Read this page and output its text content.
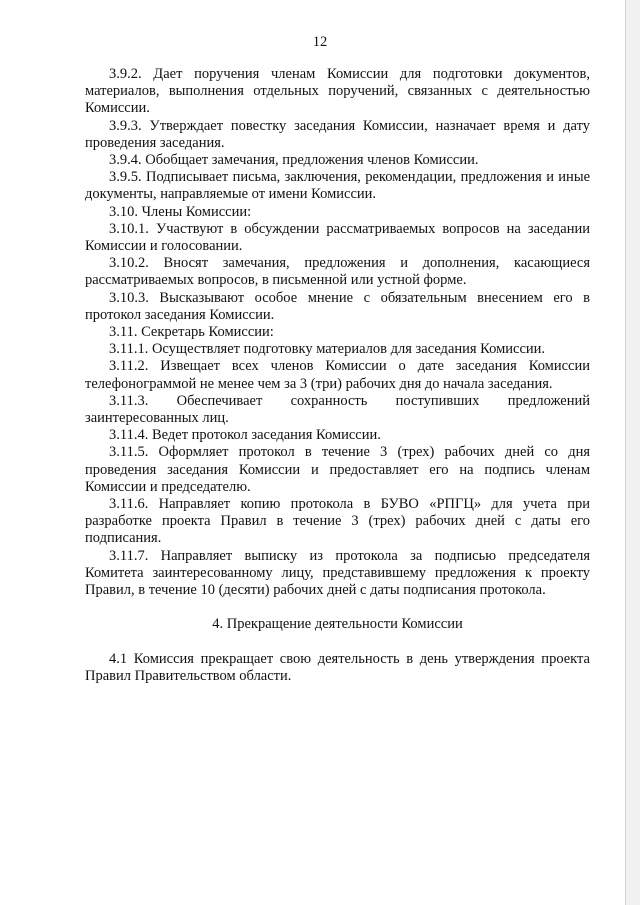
12

3.9.2. Дает поручения членам Комиссии для подготовки документов, материалов, выполнения отдельных поручений, связанных с деятельностью Комиссии.

3.9.3. Утверждает повестку заседания Комиссии, назначает время и дату проведения заседания.

3.9.4. Обобщает замечания, предложения членов Комиссии.

3.9.5. Подписывает письма, заключения, рекомендации, предложения и иные документы, направляемые от имени Комиссии.

3.10. Члены Комиссии:

3.10.1. Участвуют в обсуждении рассматриваемых вопросов на заседании Комиссии и голосовании.

3.10.2. Вносят замечания, предложения и дополнения, касающиеся рассматриваемых вопросов, в письменной или устной форме.

3.10.3. Высказывают особое мнение с обязательным внесением его в протокол заседания Комиссии.

3.11. Секретарь Комиссии:

3.11.1. Осуществляет подготовку материалов для заседания Комиссии.

3.11.2. Извещает всех членов Комиссии о дате заседания Комиссии телефонограммой не менее чем за 3 (три) рабочих дня до начала заседания.

3.11.3. Обеспечивает сохранность поступивших предложений заинтересованных лиц.

3.11.4. Ведет протокол заседания Комиссии.

3.11.5. Оформляет протокол в течение 3 (трех) рабочих дней со дня проведения заседания Комиссии и предоставляет его на подпись членам Комиссии и председателю.

3.11.6. Направляет копию протокола в БУВО «РПГЦ» для учета при разработке проекта Правил в течение 3 (трех) рабочих дней с даты его подписания.

3.11.7. Направляет выписку из протокола за подписью председателя Комитета заинтересованному лицу, представившему предложения к проекту Правил, в течение 10 (десяти) рабочих дней с даты подписания протокола.

4. Прекращение деятельности Комиссии

4.1 Комиссия прекращает свою деятельность в день утверждения проекта Правил Правительством области.
